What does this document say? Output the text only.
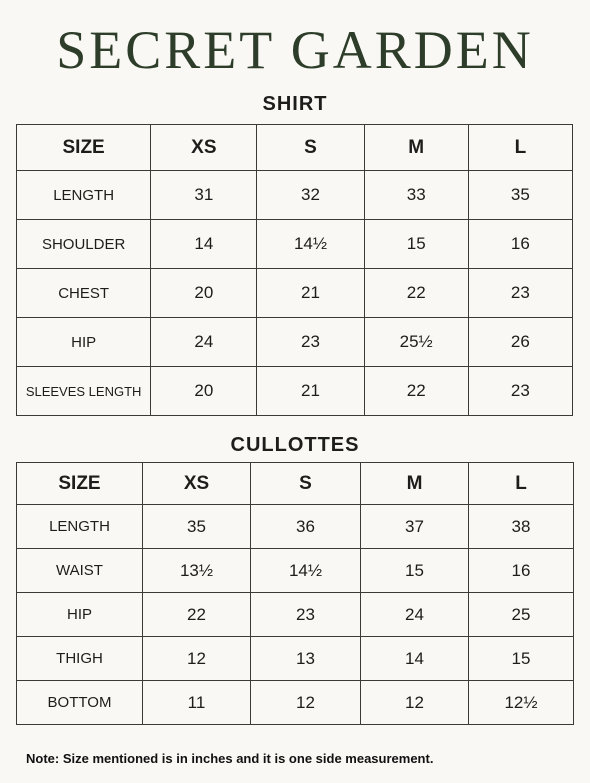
SECRET GARDEN
SHIRT
SIZE	XS	S	M	L
LENGTH	31	32	33	35
SHOULDER	14	14½	15	16
CHEST	20	21	22	23
HIP	24	23	25½	26
SLEEVES LENGTH	20	21	22	23
CULLOTTES
SIZE	XS	S	M	L
LENGTH	35	36	37	38
WAIST	13½	14½	15	16
HIP	22	23	24	25
THIGH	12	13	14	15
BOTTOM	11	12	12	12½
Note: Size mentioned is in inches and it is one side measurement.
